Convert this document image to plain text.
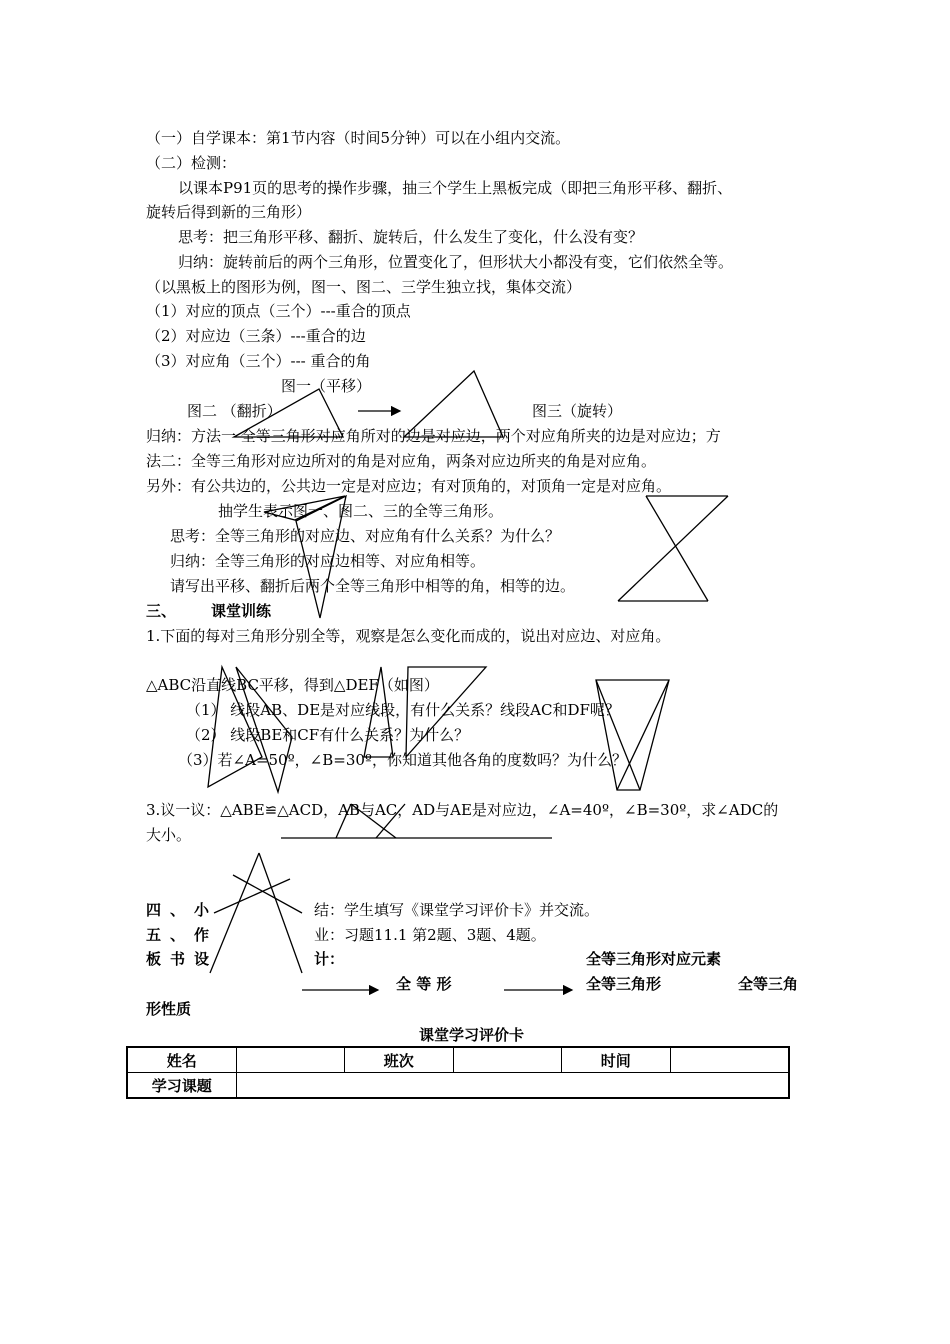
（一）自学课本：第1节内容（时间5分钟）可以在小组内交流。
（二）检测：
以课本P91页的思考的操作步骤，抽三个学生上黑板完成（即把三角形平移、翻折、
旋转后得到新的三角形）
思考：把三角形平移、翻折、旋转后，什么发生了变化，什么没有变？
归纳：旋转前后的两个三角形，位置变化了，但形状大小都没有变，它们依然全等。
（以黑板上的图形为例，图一、图二、三学生独立找，集体交流）
（1）对应的顶点（三个）---重合的顶点
（2）对应边（三条）---重合的边
（3）对应角（三个）--- 重合的角
图一（平移）
图二 （翻折）	图三（旋转）
归纳：方法一 全等三角形对应角所对的边是对应边，两个对应角所夹的边是对应边；方
法二：全等三角形对应边所对的角是对应角，两条对应边所夹的角是对应角。
另外：有公共边的，公共边一定是对应边；有对顶角的，对顶角一定是对应角。
抽学生表示图一、图二、三的全等三角形。
思考：全等三角形的对应边、对应角有什么关系？为什么？
归纳：全等三角形的对应边相等、对应角相等。
请写出平移、翻折后两个全等三角形中相等的角，相等的边。
三、 课堂训练
1.下面的每对三角形分别全等，观察是怎么变化而成的，说出对应边、对应角。
△ABC沿直线BC平移，得到△DEF（如图）
（1） 线段AB、DE是对应线段，有什么关系？线段AC和DF呢？
（2） 线段BE和CF有什么关系？为什么？
（3）若∠A=50º，∠B=30º，你知道其他各角的度数吗？为什么？
3.议一议：△ABE≌△ACD，AB与AC，AD与AE是对应边，∠A=40º，∠B=30º，求∠ADC的
大小。
四、小	结：学生填写《课堂学习评价卡》并交流。
五、作	业：习题11.1 第2题、3题、4题。
板书设	计：	全等三角形对应元素
全 等 形	全等三角形	全等三角
形性质
课堂学习评价卡
姓名		班次		时间	
学习课题					
